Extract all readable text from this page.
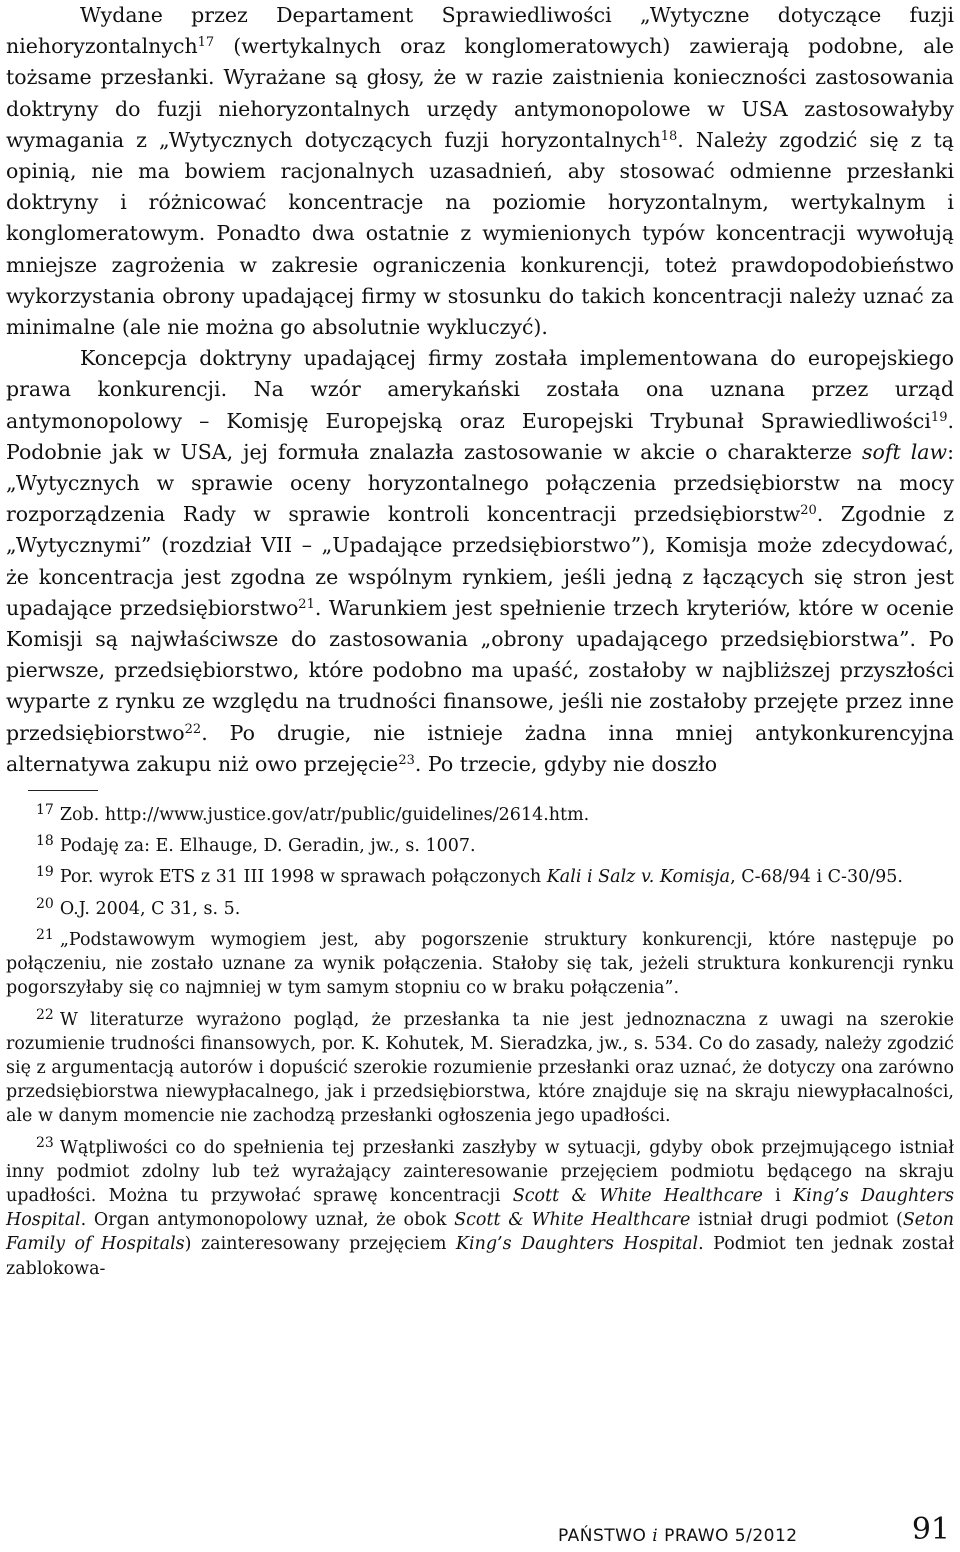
Wydane przez Departament Sprawiedliwości „Wytyczne dotyczące fuzji niehoryzontalnych$^{17}$ (wertykalnych oraz konglomeratowych) zawierają podobne, ale tożsame przesłanki. Wyrażane są głosy, że w razie zaistnienia konieczności zastosowania doktryny do fuzji niehoryzontalnych urzędy antymonopolowe w USA zastosowałyby wymagania z „Wytycznych dotyczących fuzji horyzontalnych$^{18}$. Należy zgodzić się z tą opinią, nie ma bowiem racjonalnych uzasadnień, aby stosować odmienne przesłanki doktryny i różnicować koncentracje na poziomie horyzontalnym, wertykalnym i konglomeratowym. Ponadto dwa ostatnie z wymienionych typów koncentracji wywołują mniejsze zagrożenia w zakresie ograniczenia konkurencji, toteż prawdopodobieństwo wykorzystania obrony upadającej firmy w stosunku do takich koncentracji należy uznać za minimalne (ale nie można go absolutnie wykluczyć).

Koncepcja doktryny upadającej firmy została implementowana do europejskiego prawa konkurencji. Na wzór amerykański została ona uznana przez urząd antymonopolowy – Komisję Europejską oraz Europejski Trybunał Sprawiedliwości$^{19}$. Podobnie jak w USA, jej formuła znalazła zastosowanie w akcie o charakterze soft law: „Wytycznych w sprawie oceny horyzontalnego połączenia przedsiębiorstw na mocy rozporządzenia Rady w sprawie kontroli koncentracji przedsiębiorstw$^{20}$. Zgodnie z „Wytycznymi” (rozdział VII – „Upadające przedsiębiorstwo”), Komisja może zdecydować, że koncentracja jest zgodna ze wspólnym rynkiem, jeśli jedną z łączących się stron jest upadające przedsiębiorstwo$^{21}$. Warunkiem jest spełnienie trzech kryteriów, które w ocenie Komisji są najwłaściwsze do zastosowania „obrony upadającego przedsiębiorstwa”. Po pierwsze, przedsiębiorstwo, które podobno ma upaść, zostałoby w najbliższej przyszłości wyparte z rynku ze względu na trudności finansowe, jeśli nie zostałoby przejęte przez inne przedsiębiorstwo$^{22}$. Po drugie, nie istnieje żadna inna mniej antykonkurencyjna alternatywa zakupu niż owo przejęcie$^{23}$. Po trzecie, gdyby nie doszło

$^{17}$ Zob. http://www.justice.gov/atr/public/guidelines/2614.htm.

$^{18}$ Podaję za: E. Elhauge, D. Geradin, jw., s. 1007.

$^{19}$ Por. wyrok ETS z 31 III 1998 w sprawach połączonych Kali i Salz v. Komisja, C-68/94 i C-30/95.

$^{20}$ O.J. 2004, C 31, s. 5.

$^{21}$ „Podstawowym wymogiem jest, aby pogorszenie struktury konkurencji, które następuje po połączeniu, nie zostało uznane za wynik połączenia. Stałoby się tak, jeżeli struktura konkurencji rynku pogorszyłaby się co najmniej w tym samym stopniu co w braku połączenia”.

$^{22}$ W literaturze wyrażono pogląd, że przesłanka ta nie jest jednoznaczna z uwagi na szerokie rozumienie trudności finansowych, por. K. Kohutek, M. Sieradzka, jw., s. 534. Co do zasady, należy zgodzić się z argumentacją autorów i dopuścić szerokie rozumienie przesłanki oraz uznać, że dotyczy ona zarówno przedsiębiorstwa niewypłacalnego, jak i przedsiębiorstwa, które znajduje się na skraju niewypłacalności, ale w danym momencie nie zachodzą przesłanki ogłoszenia jego upadłości.

$^{23}$ Wątpliwości co do spełnienia tej przesłanki zaszłyby w sytuacji, gdyby obok przejmującego istniał inny podmiot zdolny lub też wyrażający zainteresowanie przejęciem podmiotu będącego na skraju upadłości. Można tu przywołać sprawę koncentracji Scott & White Healthcare i King’s Daughters Hospital. Organ antymonopolowy uznał, że obok Scott & White Healthcare istniał drugi podmiot (Seton Family of Hospitals) zainteresowany przejęciem King’s Daughters Hospital. Podmiot ten jednak został zablokowa-

PAŃSTWO i PRAWO 5/2012	91
